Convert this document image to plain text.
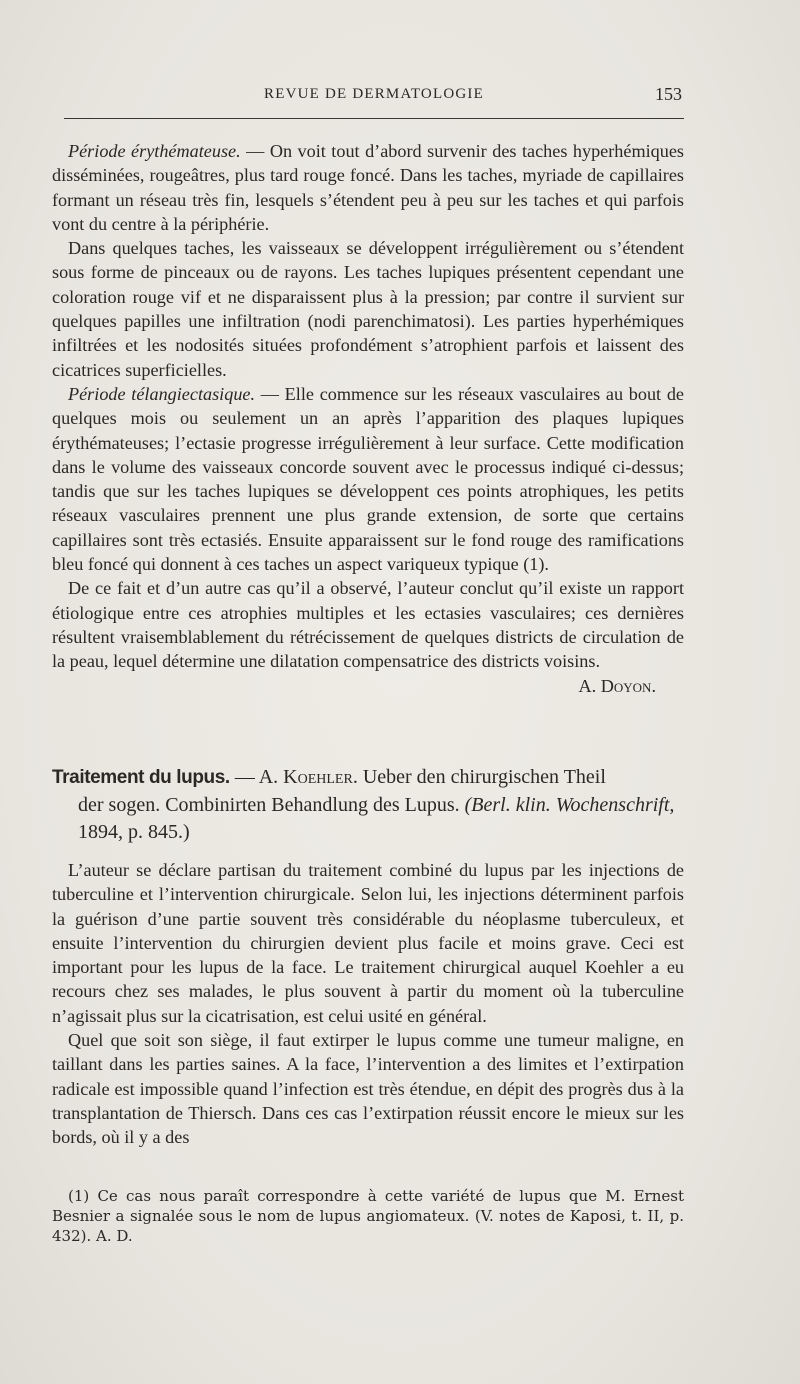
REVUE DE DERMATOLOGIE	153

Période érythémateuse. — On voit tout d’abord survenir des taches hyperhémiques disséminées, rougeâtres, plus tard rouge foncé. Dans les taches, myriade de capillaires formant un réseau très fin, lesquels s’étendent peu à peu sur les taches et qui parfois vont du centre à la périphérie.

Dans quelques taches, les vaisseaux se développent irrégulièrement ou s’étendent sous forme de pinceaux ou de rayons. Les taches lupiques présentent cependant une coloration rouge vif et ne disparaissent plus à la pression; par contre il survient sur quelques papilles une infiltration (nodi parenchimatosi). Les parties hyperhémiques infiltrées et les nodosités situées profondément s’atrophient parfois et laissent des cicatrices superficielles.

Période télangiectasique. — Elle commence sur les réseaux vasculaires au bout de quelques mois ou seulement un an après l’apparition des plaques lupiques érythémateuses; l’ectasie progresse irrégulièrement à leur surface. Cette modification dans le volume des vaisseaux concorde souvent avec le processus indiqué ci-dessus; tandis que sur les taches lupiques se développent ces points atrophiques, les petits réseaux vasculaires prennent une plus grande extension, de sorte que certains capillaires sont très ectasiés. Ensuite apparaissent sur le fond rouge des ramifications bleu foncé qui donnent à ces taches un aspect variqueux typique (1).

De ce fait et d’un autre cas qu’il a observé, l’auteur conclut qu’il existe un rapport étiologique entre ces atrophies multiples et les ectasies vasculaires; ces dernières résultent vraisemblablement du rétrécissement de quelques districts de circulation de la peau, lequel détermine une dilatation compensatrice des districts voisins.
A. Doyon.

Traitement du lupus. — A. Koehler. Ueber den chirurgischen Theil
der sogen. Combinirten Behandlung des Lupus. (Berl. klin. Wochenschrift, 1894, p. 845.)

L’auteur se déclare partisan du traitement combiné du lupus par les injections de tuberculine et l’intervention chirurgicale. Selon lui, les injections déterminent parfois la guérison d’une partie souvent très considérable du néoplasme tuberculeux, et ensuite l’intervention du chirurgien devient plus facile et moins grave. Ceci est important pour les lupus de la face. Le traitement chirurgical auquel Koehler a eu recours chez ses malades, le plus souvent à partir du moment où la tuberculine n’agissait plus sur la cicatrisation, est celui usité en général.

Quel que soit son siège, il faut extirper le lupus comme une tumeur maligne, en taillant dans les parties saines. A la face, l’intervention a des limites et l’extirpation radicale est impossible quand l’infection est très étendue, en dépit des progrès dus à la transplantation de Thiersch. Dans ces cas l’extirpation réussit encore le mieux sur les bords, où il y a des

(1) Ce cas nous paraît correspondre à cette variété de lupus que M. Ernest Besnier a signalée sous le nom de lupus angiomateux. (V. notes de Kaposi, t. II, p. 432). A. D.
